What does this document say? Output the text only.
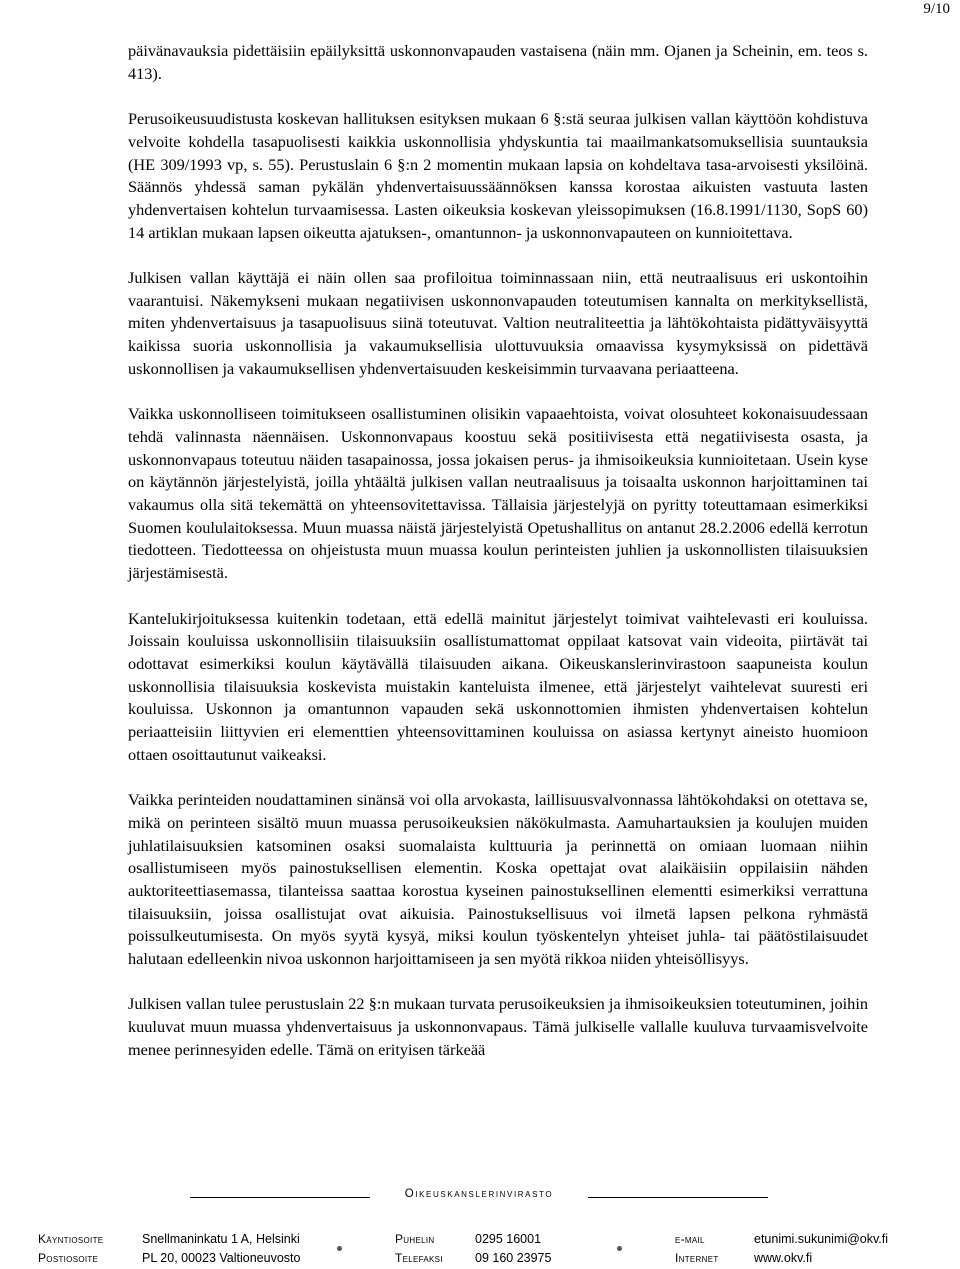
9/10

päivänavauksia pidettäisiin epäilyksittä uskonnonvapauden vastaisena (näin mm. Ojanen ja Scheinin, em. teos s. 413).

Perusoikeusuudistusta koskevan hallituksen esityksen mukaan 6 §:stä seuraa julkisen vallan käyttöön kohdistuva velvoite kohdella tasapuolisesti kaikkia uskonnollisia yhdyskuntia tai maailmankatsomuksellisia suuntauksia (HE 309/1993 vp, s. 55). Perustuslain 6 §:n 2 momentin mukaan lapsia on kohdeltava tasa-arvoisesti yksilöinä. Säännös yhdessä saman pykälän yhdenvertaisuussäännöksen kanssa korostaa aikuisten vastuuta lasten yhdenvertaisen kohtelun turvaamisessa. Lasten oikeuksia koskevan yleissopimuksen (16.8.1991/1130, SopS 60) 14 artiklan mukaan lapsen oikeutta ajatuksen-, omantunnon- ja uskonnonvapauteen on kunnioitettava.

Julkisen vallan käyttäjä ei näin ollen saa profiloitua toiminnassaan niin, että neutraalisuus eri uskontoihin vaarantuisi. Näkemykseni mukaan negatiivisen uskonnonvapauden toteutumisen kannalta on merkityksellistä, miten yhdenvertaisuus ja tasapuolisuus siinä toteutuvat. Valtion neutraliteettia ja lähtökohtaista pidättyväisyyttä kaikissa suoria uskonnollisia ja vakaumuksellisia ulottuvuuksia omaavissa kysymyksissä on pidettävä uskonnollisen ja vakaumuksellisen yhdenvertaisuuden keskeisimmin turvaavana periaatteena.

Vaikka uskonnolliseen toimitukseen osallistuminen olisikin vapaaehtoista, voivat olosuhteet kokonaisuudessaan tehdä valinnasta näennäisen. Uskonnonvapaus koostuu sekä positiivisesta että negatiivisesta osasta, ja uskonnonvapaus toteutuu näiden tasapainossa, jossa jokaisen perus- ja ihmisoikeuksia kunnioitetaan. Usein kyse on käytännön järjestelyistä, joilla yhtäältä julkisen vallan neutraalisuus ja toisaalta uskonnon harjoittaminen tai vakaumus olla sitä tekemättä on yhteensovitettavissa. Tällaisia järjestelyjä on pyritty toteuttamaan esimerkiksi Suomen koululaitoksessa. Muun muassa näistä järjestelyistä Opetushallitus on antanut 28.2.2006 edellä kerrotun tiedotteen. Tiedotteessa on ohjeistusta muun muassa koulun perinteisten juhlien ja uskonnollisten tilaisuuksien järjestämisestä.

Kantelukirjoituksessa kuitenkin todetaan, että edellä mainitut järjestelyt toimivat vaihtelevasti eri kouluissa. Joissain kouluissa uskonnollisiin tilaisuuksiin osallistumattomat oppilaat katsovat vain videoita, piirtävät tai odottavat esimerkiksi koulun käytävällä tilaisuuden aikana. Oikeuskanslerinvirastoon saapuneista koulun uskonnollisia tilaisuuksia koskevista muistakin kanteluista ilmenee, että järjestelyt vaihtelevat suuresti eri kouluissa. Uskonnon ja omantunnon vapauden sekä uskonnottomien ihmisten yhdenvertaisen kohtelun periaatteisiin liittyvien eri elementtien yhteensovittaminen kouluissa on asiassa kertynyt aineisto huomioon ottaen osoittautunut vaikeaksi.

Vaikka perinteiden noudattaminen sinänsä voi olla arvokasta, laillisuusvalvonnassa lähtökohdaksi on otettava se, mikä on perinteen sisältö muun muassa perusoikeuksien näkökulmasta. Aamuhartauksien ja koulujen muiden juhlatilaisuuksien katsominen osaksi suomalaista kulttuuria ja perinnettä on omiaan luomaan niihin osallistumiseen myös painostuksellisen elementin. Koska opettajat ovat alaikäisiin oppilaisiin nähden auktoriteettiasemassa, tilanteissa saattaa korostua kyseinen painostuksellinen elementti esimerkiksi verrattuna tilaisuuksiin, joissa osallistujat ovat aikuisia. Painostuksellisuus voi ilmetä lapsen pelkona ryhmästä poissulkeutumisesta. On myös syytä kysyä, miksi koulun työskentelyn yhteiset juhla- tai päätöstilaisuudet halutaan edelleenkin nivoa uskonnon harjoittamiseen ja sen myötä rikkoa niiden yhteisöllisyys.

Julkisen vallan tulee perustuslain 22 §:n mukaan turvata perusoikeuksien ja ihmisoikeuksien toteutuminen, joihin kuuluvat muun muassa yhdenvertaisuus ja uskonnonvapaus. Tämä julkiselle vallalle kuuluva turvaamisvelvoite menee perinnesyiden edelle. Tämä on erityisen tärkeää

Oikeuskanslerinvirasto
Käyntiosoite	Snellmaninkatu 1 A, Helsinki	Puhelin	0295 16001	e-mail	etunimi.sukunimi@okv.fi
Postiosoite	PL 20, 00023 Valtioneuvosto	Telefaksi	09 160 23975	Internet	www.okv.fi
